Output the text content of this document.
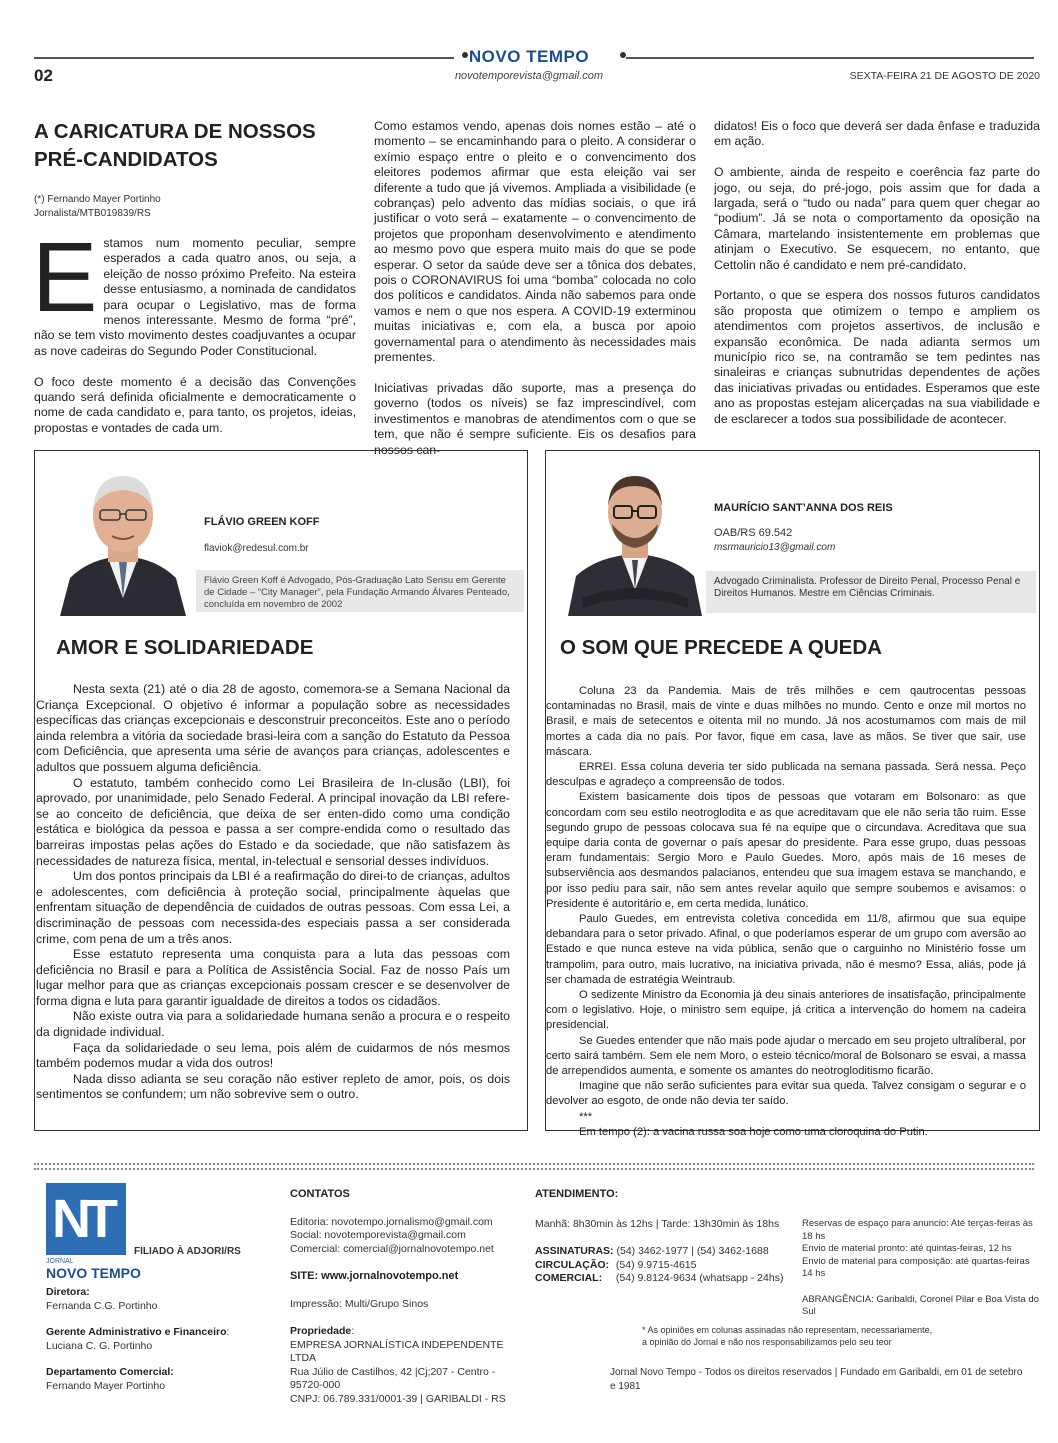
NOVO TEMPO
novotemporevista@gmail.com
02	SEXTA-FEIRA 21 DE AGOSTO DE 2020
A CARICATURA DE NOSSOS
PRÉ-CANDIDATOS
(*) Fernando Mayer Portinho
Jornalista/MTB019839/RS

Estamos num momento peculiar, sempre esperados a cada quatro anos, ou seja, a eleição de nosso próximo Prefeito. Na esteira desse entusiasmo, a nominada de candidatos para ocupar o Legislativo, mas de forma menos interessante. Mesmo de forma “pré”, não se tem visto movimento destes coadjuvantes a ocupar as nove cadeiras do Segundo Poder Constitucional.

O foco deste momento é a decisão das Convenções quando será definida oficialmente e democraticamente o nome de cada candidato e, para tanto, os projetos, ideias, propostas e vontades de cada um.

Como estamos vendo, apenas dois nomes estão – até o momento – se encaminhando para o pleito. A considerar o exímio espaço entre o pleito e o convencimento dos eleitores podemos afirmar que esta eleição vai ser diferente a tudo que já vivemos. Ampliada a visibilidade (e cobranças) pelo advento das mídias sociais, o que irá justificar o voto será – exatamente – o convencimento de projetos que proponham desenvolvimento e atendimento ao mesmo povo que espera muito mais do que se pode esperar. O setor da saúde deve ser a tônica dos debates, pois o CORONAVIRUS foi uma “bomba” colocada no colo dos políticos e candidatos. Ainda não sabemos para onde vamos e nem o que nos espera. A COVID-19 exterminou muitas iniciativas e, com ela, a busca por apoio governamental para o atendimento às necessidades mais prementes.

Iniciativas privadas dão suporte, mas a presença do governo (todos os níveis) se faz imprescindível, com investimentos e manobras de atendimentos com o que se tem, que não é sempre suficiente. Eis os desafios para nossos can-

didatos! Eis o foco que deverá ser dada ênfase e traduzida em ação.

O ambiente, ainda de respeito e coerência faz parte do jogo, ou seja, do pré-jogo, pois assim que for dada a largada, será o “tudo ou nada” para quem quer chegar ao “podium”. Já se nota o comportamento da oposição na Câmara, martelando insistentemente em problemas que atinjam o Executivo. Se esquecem, no entanto, que Cettolin não é candidato e nem pré-candidato.

Portanto, o que se espera dos nossos futuros candidatos são proposta que otimizem o tempo e ampliem os atendimentos com projetos assertivos, de inclusão e expansão econômica. De nada adianta sermos um município rico se, na contramão se tem pedintes nas sinaleiras e crianças subnutridas dependentes de ações das iniciativas privadas ou entidades. Esperamos que este ano as propostas estejam alicerçadas na sua viabilidade e de esclarecer a todos sua possibilidade de acontecer.

FLÁVIO GREEN KOFF
flaviok@redesul.com.br
Flávio Green Koff é Advogado, Pós-Graduação Lato Sensu em Gerente de Cidade – “City Manager”, pela Fundação Armando Álvares Penteado, concluída em novembro de 2002
AMOR E SOLIDARIEDADE

Nesta sexta (21) até o dia 28 de agosto, comemora-se a Semana Nacional da Criança Excepcional. O objetivo é informar a população sobre as necessidades específicas das crianças excepcionais e desconstruir preconceitos. Este ano o período ainda relembra a vitória da sociedade brasi-leira com a sanção do Estatuto da Pessoa com Deficiência, que apresenta uma série de avanços para crianças, adolescentes e adultos que possuem alguma deficiência.

O estatuto, também conhecido como Lei Brasileira de In-clusão (LBI), foi aprovado, por unanimidade, pelo Senado Federal. A principal inovação da LBI refere-se ao conceito de deficiência, que deixa de ser enten-dido como uma condição estática e biológica da pessoa e passa a ser compre-endida como o resultado das barreiras impostas pelas ações do Estado e da sociedade, que não satisfazem às necessidades de natureza física, mental, in-telectual e sensorial desses indivíduos.

Um dos pontos principais da LBI é a reafirmação do direi-to de crianças, adultos e adolescentes, com deficiência à proteção social, principalmente àquelas que enfrentam situação de dependência de cuidados de outras pessoas. Com essa Lei, a discriminação de pessoas com necessida-des especiais passa a ser considerada crime, com pena de um a três anos.

Esse estatuto representa uma conquista para a luta das pessoas com deficiência no Brasil e para a Política de Assistência Social. Faz de nosso País um lugar melhor para que as crianças excepcionais possam crescer e se desenvolver de forma digna e luta para garantir igualdade de direitos a todos os cidadãos.

Não existe outra via para a solidariedade humana senão a procura e o respeito da dignidade individual.

Faça da solidariedade o seu lema, pois além de cuidarmos de nós mesmos também podemos mudar a vida dos outros!

Nada disso adianta se seu coração não estiver repleto de amor, pois, os dois sentimentos se confundem; um não sobrevive sem o outro.

MAURÍCIO SANT’ANNA DOS REIS
OAB/RS 69.542
msrmauricio13@gmail.com
Advogado Criminalista. Professor de Direito Penal, Processo Penal e Direitos Humanos. Mestre em Ciências Criminais.
O SOM QUE PRECEDE A QUEDA

Coluna 23 da Pandemia. Mais de três milhões e cem qautrocentas pessoas contaminadas no Brasil, mais de vinte e duas milhões no mundo. Cento e onze mil mortos no Brasil, e mais de setecentos e oitenta mil no mundo. Já nos acostumamos com mais de mil mortes a cada dia no país. Por favor, fique em casa, lave as mãos. Se tiver que sair, use máscara.

ERREI. Essa coluna deveria ter sido publicada na semana passada. Será nessa. Peço desculpas e agradeço a compreensão de todos.

Existem basicamente dois tipos de pessoas que votaram em Bolsonaro: as que concordam com seu estilo neotroglodita e as que acreditavam que ele não seria tão ruim. Esse segundo grupo de pessoas colocava sua fé na equipe que o circundava. Acreditava que sua equipe daria conta de governar o país apesar do presidente. Para esse grupo, duas pessoas eram fundamentais: Sergio Moro e Paulo Guedes. Moro, após mais de 16 meses de subserviência aos desmandos palacianos, entendeu que sua imagem estava se manchando, e por isso pediu para sair, não sem antes revelar aquilo que sempre soubemos e avisamos: o Presidente é autoritário e, em certa medida, lunático.

Paulo Guedes, em entrevista coletiva concedida em 11/8, afirmou que sua equipe debandara para o setor privado. Afinal, o que poderíamos esperar de um grupo com aversão ao Estado e que nunca esteve na vida pública, senão que o carguinho no Ministério fosse um trampolim, para outro, mais lucrativo, na iniciativa privada, não é mesmo? Essa, aliás, pode já ser chamada de estratégia Weintraub.

O sedizente Ministro da Economia já deu sinais anteriores de insatisfação, principalmente com o legislativo. Hoje, o ministro sem equipe, já critica a intervenção do homem na cadeira presidencial.

Se Guedes entender que não mais pode ajudar o mercado em seu projeto ultraliberal, por certo sairá também. Sem ele nem Moro, o esteio técnico/moral de Bolsonaro se esvai, a massa de arrependidos aumenta, e somente os amantes do neotrogloditismo ficarão.

Imagine que não serão suficientes para evitar sua queda. Talvez consigam o segurar e o devolver ao esgoto, de onde não devia ter saído.

***

Em tempo (2): a vacina russa soa hoje como uma cloroquina do Putin.

NT
JORNAL
NOVO TEMPO
FILIADO À ADJORI/RS
Diretora:
Fernanda C.G. Portinho
Gerente Administrativo e Financeiro:
Luciana C. G. Portinho
Departamento Comercial:
Fernando Mayer Portinho
CONTATOS
Editoria: novotempo.jornalismo@gmail.com
Social: novotemporevista@gmail.com
Comercial: comercial@jornalnovotempo.net
SITE: www.jornalnovotempo.net
Impressão: Multi/Grupo Sinos
Propriedade:
EMPRESA JORNALÍSTICA INDEPENDENTE LTDA
Rua Júlio de Castilhos, 42 |Cj;207 - Centro - 95720-000
CNPJ: 06.789.331/0001-39 | GARIBALDI - RS
ATENDIMENTO:
Manhã: 8h30min às 12hs | Tarde: 13h30min às 18hs
ASSINATURAS: (54) 3462-1977 | (54) 3462-1688
CIRCULAÇÃO: (54) 9.9715-4615
COMERCIAL: (54) 9.8124-9634 (whatsapp - 24hs)
Reservas de espaço para anuncio: Até terças-feiras às 18 hs
Envio de material pronto: até quintas-feiras, 12 hs
Envio de material para composição: até quartas-feiras 14 hs
ABRANGÊNCIA: Garibaldi, Coronel Pilar e Boa Vista do Sul
* As opiniões em colunas assinadas não representam, necessariamente,
a opinião do Jornal e não nos responsabilizamos pelo seu teor
Jornal Novo Tempo - Todos os direitos reservados | Fundado em Garibaldi, em 01 de setebro e 1981
